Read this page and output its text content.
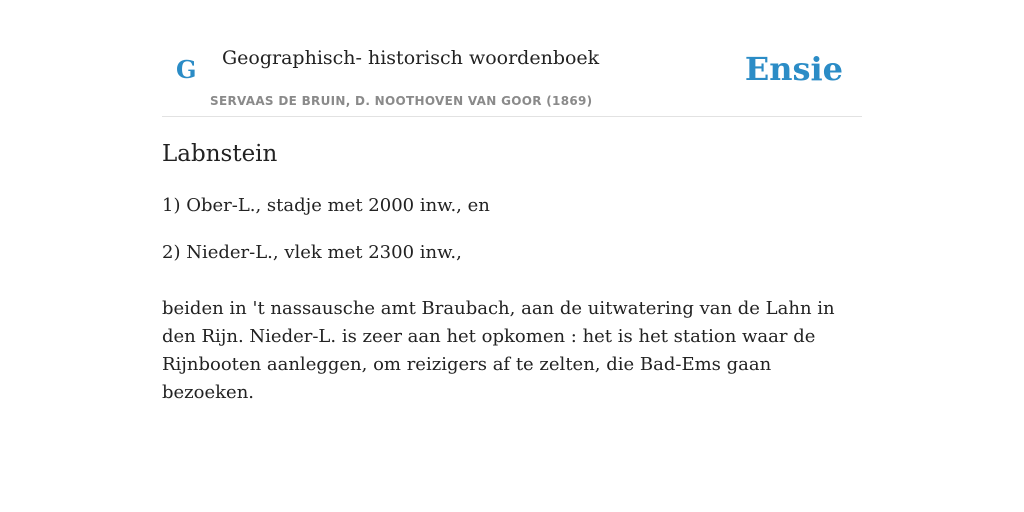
G Geographisch- historisch woordenboek
SERVAAS DE BRUIN, D. NOOTHOVEN VAN GOOR (1869)
Ensie
Labnstein

1) Ober-L., stadje met 2000 inw., en

2) Nieder-L., vlek met 2300 inw.,

beiden in 't nassausche amt Braubach, aan de uitwatering van de Lahn in den Rijn. Nieder-L. is zeer aan het opkomen : het is het station waar de Rijnbooten aanleggen, om reizigers af te zelten, die Bad-Ems gaan bezoeken.
